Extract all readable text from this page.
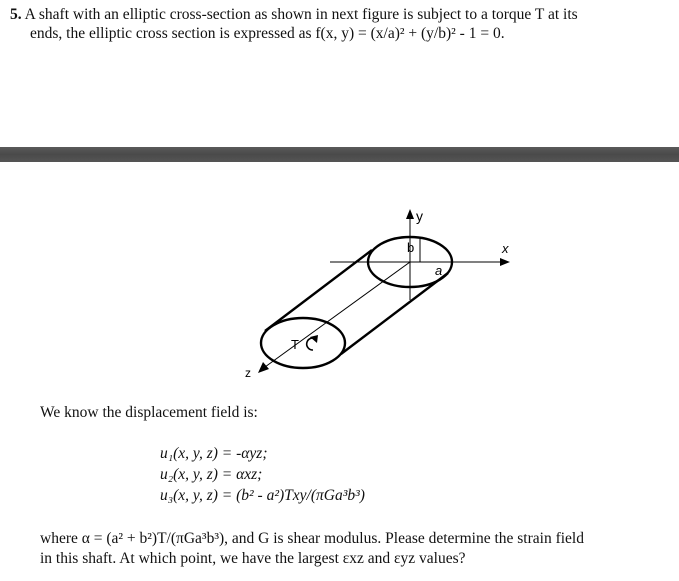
5. A shaft with an elliptic cross-section as shown in next figure is subject to a torque T at its
ends, the elliptic cross section is expressed as f(x, y) = (x/a)² + (y/b)² - 1 = 0.
y
x
z
b
a
T
We know the displacement field is:
u₁(x, y, z) = -αyz;
u₂(x, y, z) = αxz;
u₃(x, y, z) = (b² - a²)Txy/(πGa³b³)
where α = (a² + b²)T/(πGa³b³), and G is shear modulus. Please determine the strain field
in this shaft. At which point, we have the largest εxz and εyz values?
